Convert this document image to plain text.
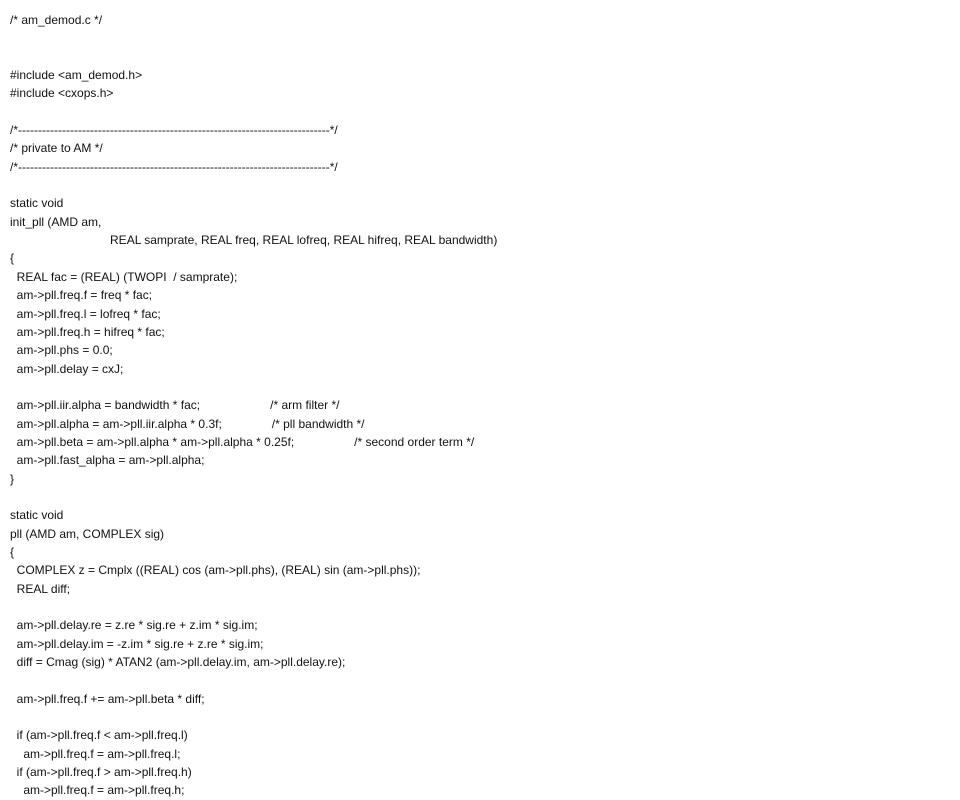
/* am_demod.c */
#include <am_demod.h>
#include <cxops.h>
/*------------------------------------------------------------------------------*/
/* private to AM */
/*------------------------------------------------------------------------------*/
static void
init_pll (AMD am,
REAL samprate, REAL freq, REAL lofreq, REAL hifreq, REAL bandwidth)
{
REAL fac = (REAL) (TWOPI  / samprate);
am->pll.freq.f = freq * fac;
am->pll.freq.l = lofreq * fac;
am->pll.freq.h = hifreq * fac;
am->pll.phs = 0.0;
am->pll.delay = cxJ;
am->pll.iir.alpha = bandwidth * fac;                     /* arm filter */
am->pll.alpha = am->pll.iir.alpha * 0.3f;               /* pll bandwidth */
am->pll.beta = am->pll.alpha * am->pll.alpha * 0.25f;                  /* second order term */
am->pll.fast_alpha = am->pll.alpha;
}
static void
pll (AMD am, COMPLEX sig)
{
COMPLEX z = Cmplx ((REAL) cos (am->pll.phs), (REAL) sin (am->pll.phs));
REAL diff;
am->pll.delay.re = z.re * sig.re + z.im * sig.im;
am->pll.delay.im = -z.im * sig.re + z.re * sig.im;
diff = Cmag (sig) * ATAN2 (am->pll.delay.im, am->pll.delay.re);
am->pll.freq.f += am->pll.beta * diff;
if (am->pll.freq.f < am->pll.freq.l)
am->pll.freq.f = am->pll.freq.l;
if (am->pll.freq.f > am->pll.freq.h)
am->pll.freq.f = am->pll.freq.h;
